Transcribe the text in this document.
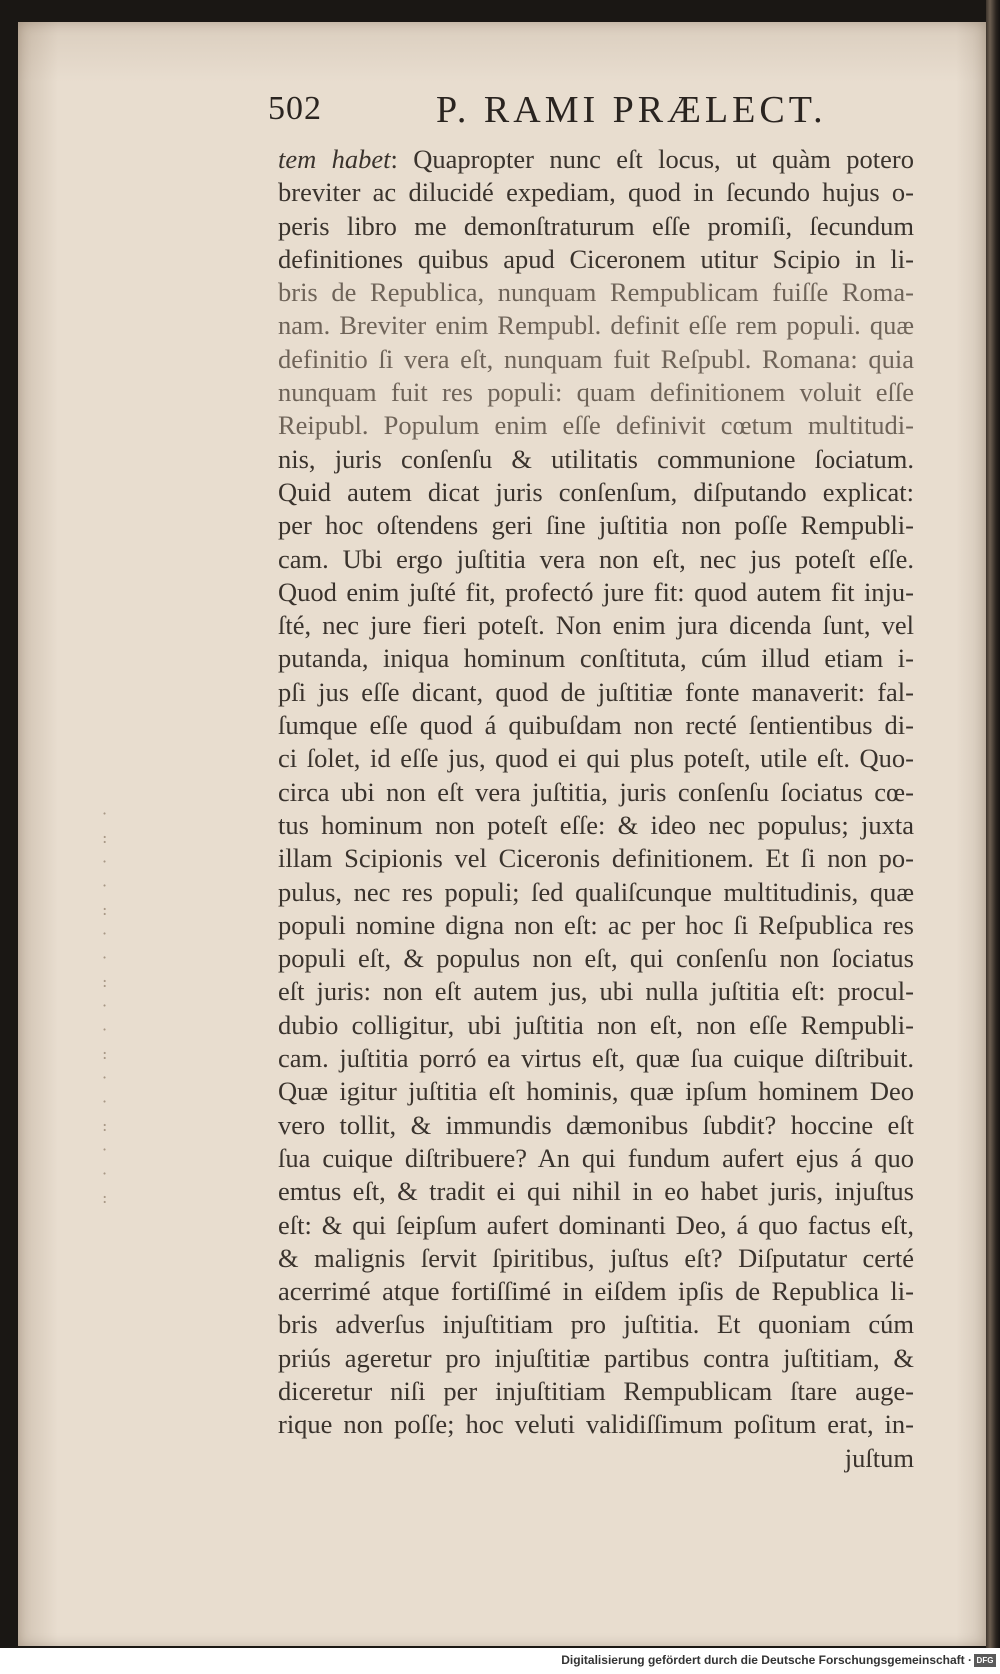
·
:
·
·
:
·
·
:
·
·
:
·
·
:
·
·
:
502	P. RAMI PRÆLECT.
tem habet: Quapropter nunc eſt locus, ut quàm potero
breviter ac dilucidé expediam, quod in ſecundo hujus o-
peris libro me demonſtraturum eſſe promiſi, ſecundum
definitiones quibus apud Ciceronem utitur Scipio in li-
bris de Republica, nunquam Rempublicam fuiſſe Roma-
nam. Breviter enim Rempubl. definit eſſe rem populi. quæ
definitio ſi vera eſt, nunquam fuit Reſpubl. Romana: quia
nunquam fuit res populi: quam definitionem voluit eſſe
Reipubl. Populum enim eſſe definivit cœtum multitudi-
nis, juris conſenſu & utilitatis communione ſociatum.
Quid autem dicat juris conſenſum, diſputando explicat:
per hoc oſtendens geri ſine juſtitia non poſſe Rempubli-
cam. Ubi ergo juſtitia vera non eſt, nec jus poteſt eſſe.
Quod enim juſté fit, profectó jure fit: quod autem fit inju-
ſté, nec jure fieri poteſt. Non enim jura dicenda ſunt, vel
putanda, iniqua hominum conſtituta, cúm illud etiam i-
pſi jus eſſe dicant, quod de juſtitiæ fonte manaverit: fal-
ſumque eſſe quod á quibuſdam non recté ſentientibus di-
ci ſolet, id eſſe jus, quod ei qui plus poteſt, utile eſt. Quo-
circa ubi non eſt vera juſtitia, juris conſenſu ſociatus cœ-
tus hominum non poteſt eſſe: & ideo nec populus; juxta
illam Scipionis vel Ciceronis definitionem. Et ſi non po-
pulus, nec res populi; ſed qualiſcunque multitudinis, quæ
populi nomine digna non eſt: ac per hoc ſi Reſpublica res
populi eſt, & populus non eſt, qui conſenſu non ſociatus
eſt juris: non eſt autem jus, ubi nulla juſtitia eſt: procul-
dubio colligitur, ubi juſtitia non eſt, non eſſe Rempubli-
cam. juſtitia porró ea virtus eſt, quæ ſua cuique diſtribuit.
Quæ igitur juſtitia eſt hominis, quæ ipſum hominem Deo
vero tollit, & immundis dæmonibus ſubdit? hoccine eſt
ſua cuique diſtribuere? An qui fundum aufert ejus á quo
emtus eſt, & tradit ei qui nihil in eo habet juris, injuſtus
eſt: & qui ſeipſum aufert dominanti Deo, á quo factus eſt,
& malignis ſervit ſpiritibus, juſtus eſt? Diſputatur certé
acerrimé atque fortiſſimé in eiſdem ipſis de Republica li-
bris adverſus injuſtitiam pro juſtitia. Et quoniam cúm
priús ageretur pro injuſtitiæ partibus contra juſtitiam, &
diceretur niſi per injuſtitiam Rempublicam ſtare auge-
rique non poſſe; hoc veluti validiſſimum poſitum erat, in-
juſtum
Digitalisierung gefördert durch die Deutsche Forschungsgemeinschaft · DFG
